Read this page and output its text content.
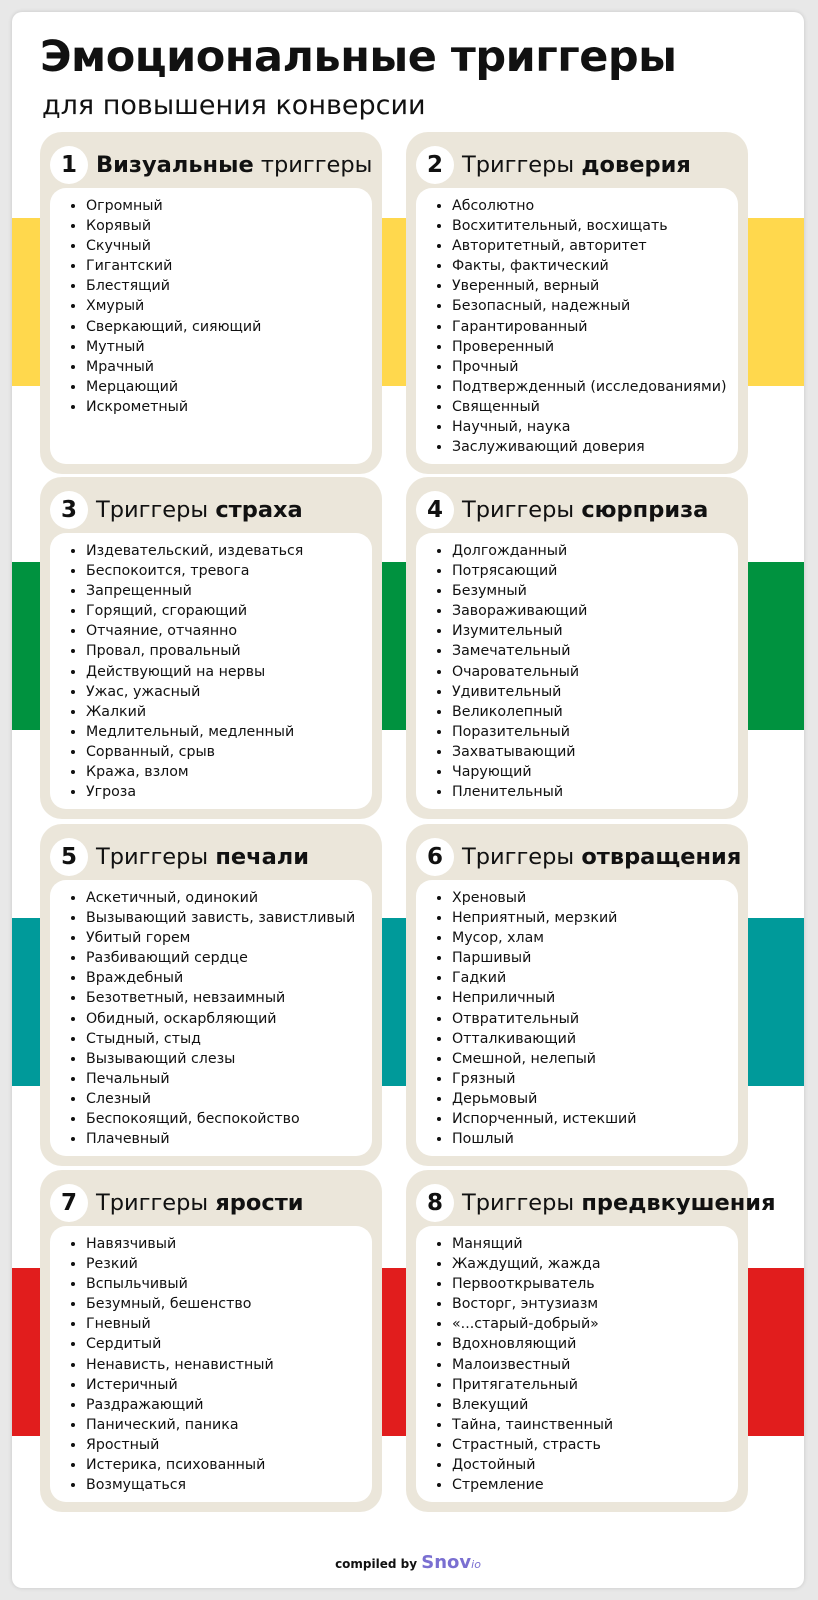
Эмоциональные триггеры
для повышения конверсии
1 Визуальные триггеры
• Огромный
• Корявый
• Скучный
• Гигантский
• Блестящий
• Хмурый
• Сверкающий, сияющий
• Мутный
• Мрачный
• Мерцающий
• Искрометный
2 Триггеры доверия
• Абсолютно
• Восхитительный, восхищать
• Авторитетный, авторитет
• Факты, фактический
• Уверенный, верный
• Безопасный, надежный
• Гарантированный
• Проверенный
• Прочный
• Подтвержденный (исследованиями)
• Священный
• Научный, наука
• Заслуживающий доверия
3 Триггеры страха
• Издевательский, издеваться
• Беспокоится, тревога
• Запрещенный
• Горящий, сгорающий
• Отчаяние, отчаянно
• Провал, провальный
• Действующий на нервы
• Ужас, ужасный
• Жалкий
• Медлительный, медленный
• Сорванный, срыв
• Кража, взлом
• Угроза
4 Триггеры сюрприза
• Долгожданный
• Потрясающий
• Безумный
• Завораживающий
• Изумительный
• Замечательный
• Очаровательный
• Удивительный
• Великолепный
• Поразительный
• Захватывающий
• Чарующий
• Пленительный
5 Триггеры печали
• Аскетичный, одинокий
• Вызывающий зависть, завистливый
• Убитый горем
• Разбивающий сердце
• Враждебный
• Безответный, невзаимный
• Обидный, оскарбляющий
• Стыдный, стыд
• Вызывающий слезы
• Печальный
• Слезный
• Беспокоящий, беспокойство
• Плачевный
6 Триггеры отвращения
• Хреновый
• Неприятный, мерзкий
• Мусор, хлам
• Паршивый
• Гадкий
• Неприличный
• Отвратительный
• Отталкивающий
• Смешной, нелепый
• Грязный
• Дерьмовый
• Испорченный, истекший
• Пошлый
7 Триггеры ярости
• Навязчивый
• Резкий
• Вспыльчивый
• Безумный, бешенство
• Гневный
• Сердитый
• Ненависть, ненавистный
• Истеричный
• Раздражающий
• Панический, паника
• Яростный
• Истерика, психованный
• Возмущаться
8 Триггеры предвкушения
• Манящий
• Жаждущий, жажда
• Первооткрыватель
• Восторг, энтузиазм
• «...старый-добрый»
• Вдохновляющий
• Малоизвестный
• Притягательный
• Влекущий
• Тайна, таинственный
• Страстный, страсть
• Достойный
• Стремление
compiled by Snovio
